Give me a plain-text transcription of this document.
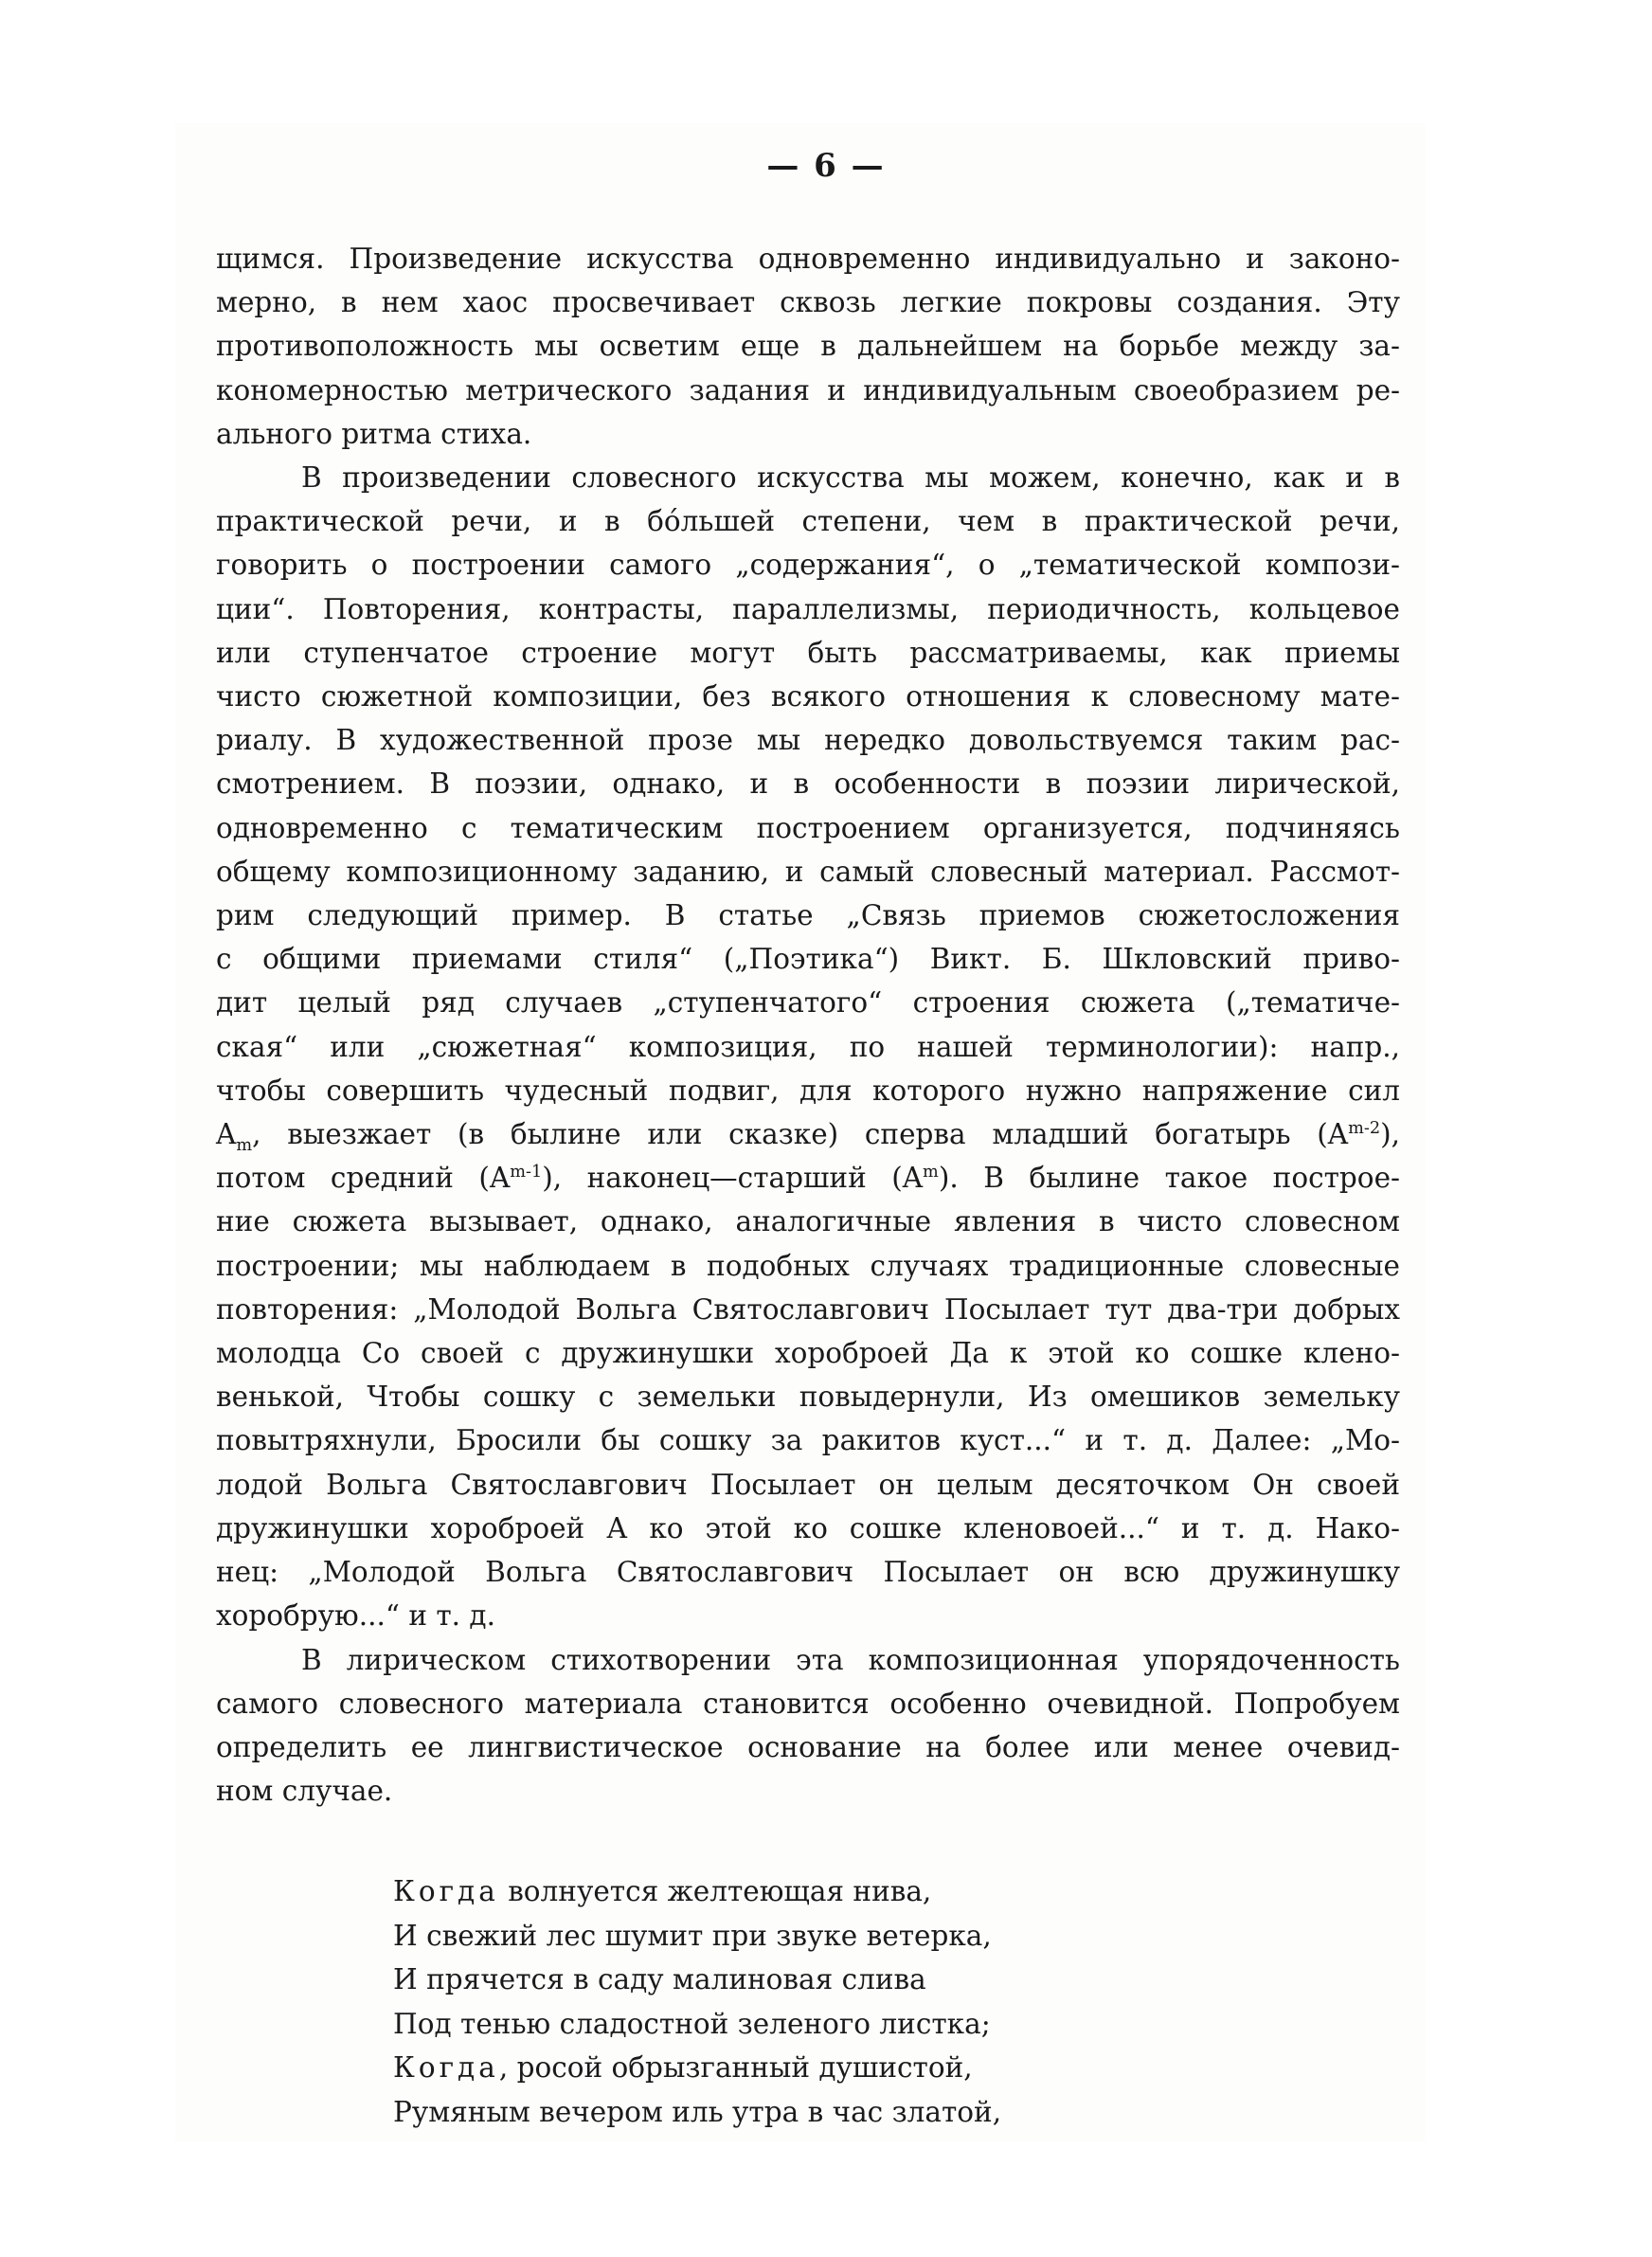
— 6 —
щимся. Произведение искусства одновременно индивидуально и законо-
мерно, в нем хаос просвечивает сквозь легкие покровы создания. Эту
противоположность мы осветим еще в дальнейшем на борьбе между за-
кономерностью метрического задания и индивидуальным своеобразием ре-
ального ритма стиха.
В произведении словесного искусства мы можем, конечно, как и в
практической речи, и в бо́льшей степени, чем в практической речи,
говорить о построении самого „содержания“, о „тематической компози-
ции“. Повторения, контрасты, параллелизмы, периодичность, кольцевое
или ступенчатое строение могут быть рассматриваемы, как приемы
чисто сюжетной композиции, без всякого отношения к словесному мате-
риалу. В художественной прозе мы нередко довольствуемся таким рас-
смотрением. В поэзии, однако, и в особенности в поэзии лирической,
одновременно с тематическим построением организуется, подчиняясь
общему композиционному заданию, и самый словесный материал. Рассмот-
рим следующий пример. В статье „Связь приемов сюжетосложения
с общими приемами стиля“ („Поэтика“) Викт. Б. Шкловский приво-
дит целый ряд случаев „ступенчатого“ строения сюжета („тематиче-
ская“ или „сюжетная“ композиция, по нашей терминологии): напр.,
чтобы совершить чудесный подвиг, для которого нужно напряжение сил
$A_m$, выезжает (в былине или сказке) сперва младший богатырь $(A^{m-2})$,
потом средний $(A^{m-1})$, наконец—старший $(A^m)$. В былине такое построе-
ние сюжета вызывает, однако, аналогичные явления в чисто словесном
построении; мы наблюдаем в подобных случаях традиционные словесные
повторения: „Молодой Вольга Святославгович Посылает тут два-три добрых
молодца Со своей с дружинушки хороброей Да к этой ко сошке клено-
венькой, Чтобы сошку с земельки повыдернули, Из омешиков земельку
повытряхнули, Бросили бы сошку за ракитов куст...“ и т. д. Далее: „Мо-
лодой Вольга Святославгович Посылает он целым десяточком Он своей
дружинушки хороброей А ко этой ко сошке кленовоей...“ и т. д. Нако-
нец: „Молодой Вольга Святославгович Посылает он всю дружинушку
хоробрую...“ и т. д.
В лирическом стихотворении эта композиционная упорядоченность
самого словесного материала становится особенно очевидной. Попробуем
определить ее лингвистическое основание на более или менее очевид-
ном случае.
Когда волнуется желтеющая нива,
И свежий лес шумит при звуке ветерка,
И прячется в саду малиновая слива
Под тенью сладостной зеленого листка;
Когда, росой обрызганный душистой,
Румяным вечером иль утра в час златой,
